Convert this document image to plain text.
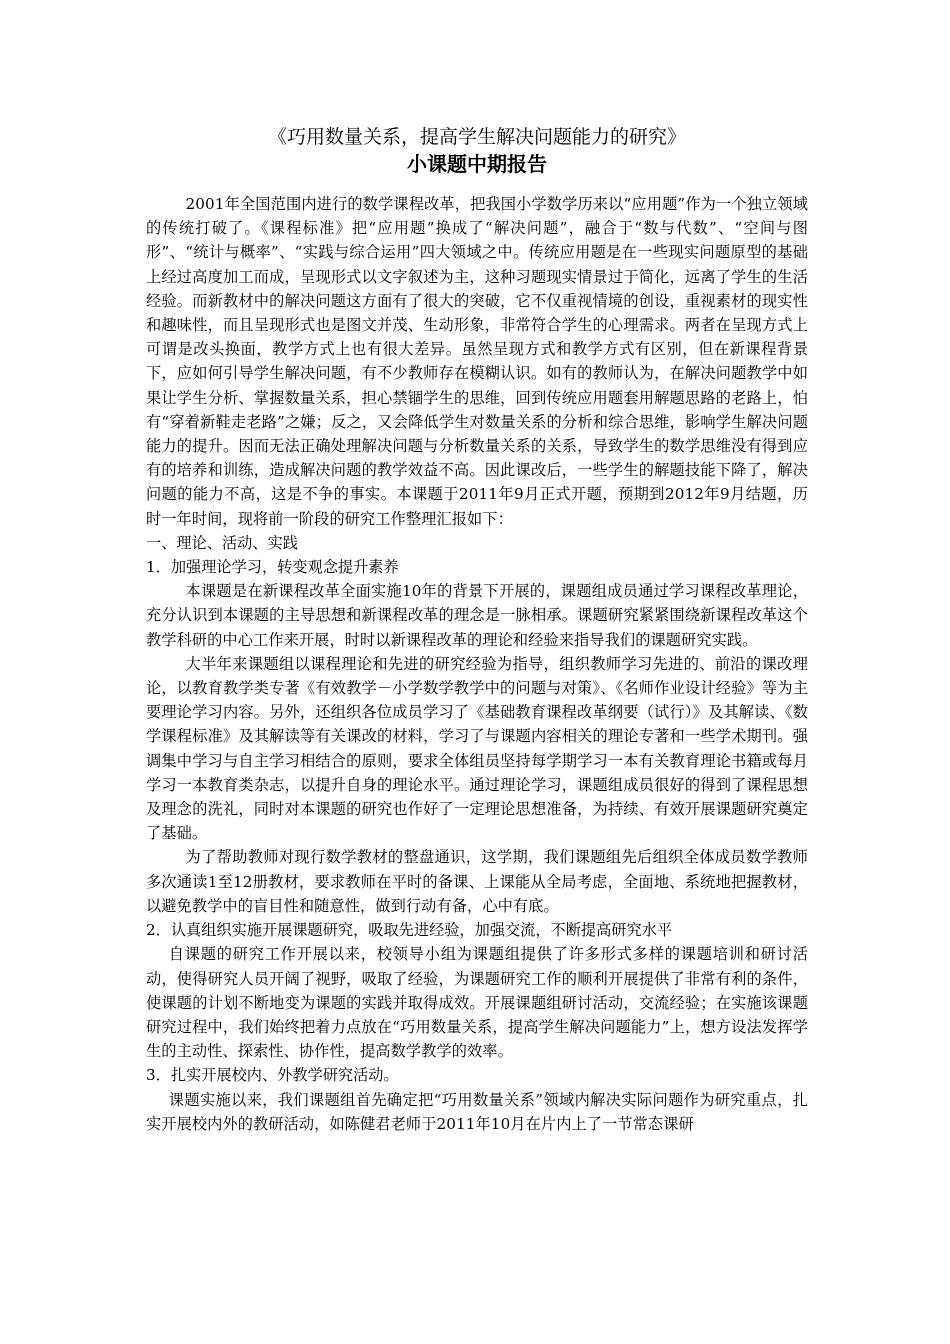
《巧用数量关系，提高学生解决问题能力的研究》
小课题中期报告

2001年全国范围内进行的数学课程改革，把我国小学数学历来以“应用题”作为一个独立领域的传统打破了。《课程标准》把“应用题”换成了“解决问题”，融合于“数与代数”、“空间与图形”、“统计与概率”、“实践与综合运用”四大领域之中。传统应用题是在一些现实问题原型的基础上经过高度加工而成，呈现形式以文字叙述为主，这种习题现实情景过于简化，远离了学生的生活经验。而新教材中的解决问题这方面有了很大的突破，它不仅重视情境的创设，重视素材的现实性和趣味性，而且呈现形式也是图文并茂、生动形象，非常符合学生的心理需求。两者在呈现方式上可谓是改头换面，教学方式上也有很大差异。虽然呈现方式和教学方式有区别，但在新课程背景下，应如何引导学生解决问题，有不少教师存在模糊认识。如有的教师认为，在解决问题教学中如果让学生分析、掌握数量关系，担心禁锢学生的思维，回到传统应用题套用解题思路的老路上，怕有“穿着新鞋走老路”之嫌；反之，又会降低学生对数量关系的分析和综合思维，影响学生解决问题能力的提升。因而无法正确处理解决问题与分析数量关系的关系，导致学生的数学思维没有得到应有的培养和训练，造成解决问题的教学效益不高。因此课改后，一些学生的解题技能下降了，解决问题的能力不高，这是不争的事实。本课题于2011年9月正式开题，预期到2012年9月结题，历时一年时间，现将前一阶段的研究工作整理汇报如下：

一、理论、活动、实践

1．加强理论学习，转变观念提升素养

本课题是在新课程改革全面实施10年的背景下开展的，课题组成员通过学习课程改革理论，充分认识到本课题的主导思想和新课程改革的理念是一脉相承。课题研究紧紧围绕新课程改革这个教学科研的中心工作来开展，时时以新课程改革的理论和经验来指导我们的课题研究实践。

大半年来课题组以课程理论和先进的研究经验为指导，组织教师学习先进的、前沿的课改理论，以教育教学类专著《有效教学－小学数学教学中的问题与对策》、《名师作业设计经验》等为主要理论学习内容。另外，还组织各位成员学习了《基础教育课程改革纲要（试行）》及其解读、《数学课程标准》及其解读等有关课改的材料，学习了与课题内容相关的理论专著和一些学术期刊。强调集中学习与自主学习相结合的原则，要求全体组员坚持每学期学习一本有关教育理论书籍或每月学习一本教育类杂志，以提升自身的理论水平。通过理论学习，课题组成员很好的得到了课程思想及理念的洗礼，同时对本课题的研究也作好了一定理论思想准备，为持续、有效开展课题研究奠定了基础。

为了帮助教师对现行数学教材的整盘通识，这学期，我们课题组先后组织全体成员数学教师多次通读1至12册教材，要求教师在平时的备课、上课能从全局考虑，全面地、系统地把握教材，以避免教学中的盲目性和随意性，做到行动有备，心中有底。

2．认真组织实施开展课题研究，吸取先进经验，加强交流，不断提高研究水平

自课题的研究工作开展以来，校领导小组为课题组提供了许多形式多样的课题培训和研讨活动，使得研究人员开阔了视野，吸取了经验，为课题研究工作的顺利开展提供了非常有利的条件，使课题的计划不断地变为课题的实践并取得成效。开展课题组研讨活动，交流经验；在实施该课题研究过程中，我们始终把着力点放在“巧用数量关系，提高学生解决问题能力”上，想方设法发挥学生的主动性、探索性、协作性，提高数学教学的效率。

3．扎实开展校内、外教学研究活动。

课题实施以来，我们课题组首先确定把“巧用数量关系”领域内解决实际问题作为研究重点，扎实开展校内外的教研活动，如陈健君老师于2011年10月在片内上了一节常态课研
